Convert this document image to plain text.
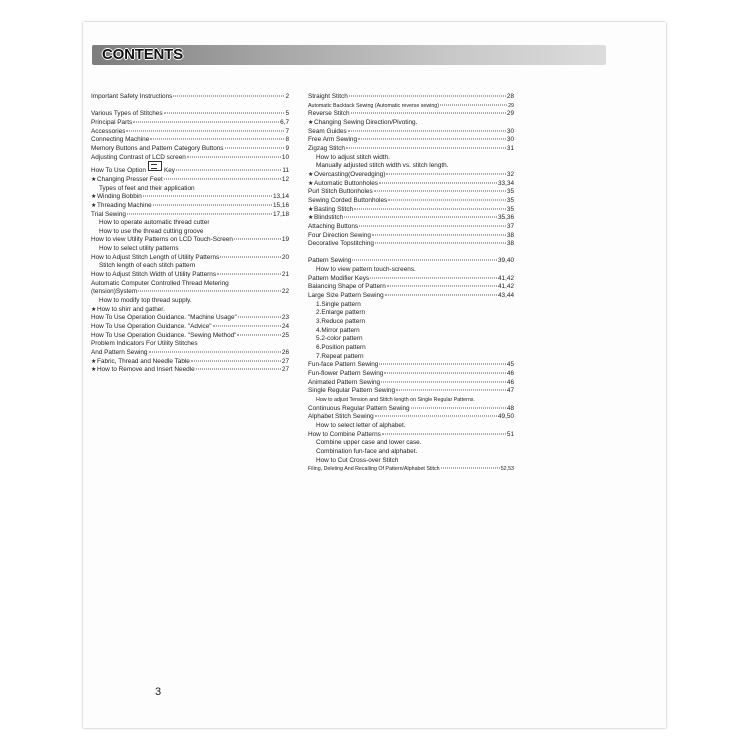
CONTENTS
Important Safety Instructions	2
Various Types of Stitches	5
Principal Parts	6,7
Accessories	7
Connecting Machine	8
Memory Buttons and Pattern Category Buttons	9
Adjusting Contrast of LCD screen	10
How To Use Option	Key	11
★ Changing Presser Feet	12
Types of feet and their application
★ Winding Bobbin	13,14
★ Threading Machine	15,16
Trial Sewing	17,18
How to operate automatic thread cutter
How to use the thread cutting groove
How to view Utility Patterns on LCD Touch-Screen	19
How to select utility patterns
How to Adjust Stitch Length of Utility Patterns	20
Stitch length of each stitch pattern
How to Adjust Stitch Width of Utility Patterns	21
Automatic Computer Controlled Thread Metering
(tension)System	22
How to modify top thread supply.
★ How to shirr and gather.
How To Use Operation Guidance. "Machine Usage"	23
How To Use Operation Guidance. "Advice"	24
How To Use Operation Guidance. "Sewing Method"	25
Problem Indicators For Utility Stitches
And Pattern Sewing	26
★ Fabric, Thread and Needle Table	27
★ How to Remove and Insert Needle	27
Straight Stitch	28
Automatic Backtack Sewing (Automatic reverse sewing)	29
Reverse Stitch	29
★ Changing Sewing Direction/Pivoting.
Seam Guides	30
Free Arm Sewing	30
Zigzag Stitch	31
How to adjust stitch width.
Manually adjusted stitch width vs. stitch length.
★ Overcasting(Overedging)	32
★ Automatic Buttonholes	33,34
Purl Stitch Buttonholes	35
Sewing Corded Buttonholes	35
★ Basting Stitch	35
★ Blindstitch	35,36
Attaching Buttons	37
Four Direction Sewing	38
Decorative Topstitching	38
Pattern Sewing	39,40
How to view pattern touch-screens.
Pattern Modifier Keys	41,42
Balancing Shape of Pattern	41,42
Large Size Pattern Sewing	43,44
1.Single pattern
2.Enlarge pattern
3.Reduce pattern
4.Mirror pattern
5.2-color pattern
6.Position pattern
7.Repeat pattern
Fun-face Pattern Sewing	45
Fun-flower Pattern Sewing	46
Animated Pattern Sewing	46
Single Regular Pattern Sewing	47
How to adjust Tension and Stitch length on Single Regular Patterns.
Continuous Regular Pattern Sewing	48
Alphabet Stitch Sewing	49,50
How to select letter of alphabet.
How to Combine Patterns	51
Combine upper case and lower case.
Combination fun-face and alphabet.
How to Cut Cross-over Stitch
Filing, Deleting And Recalling Of Pattern/Alphabet Stitch	52,53
3
